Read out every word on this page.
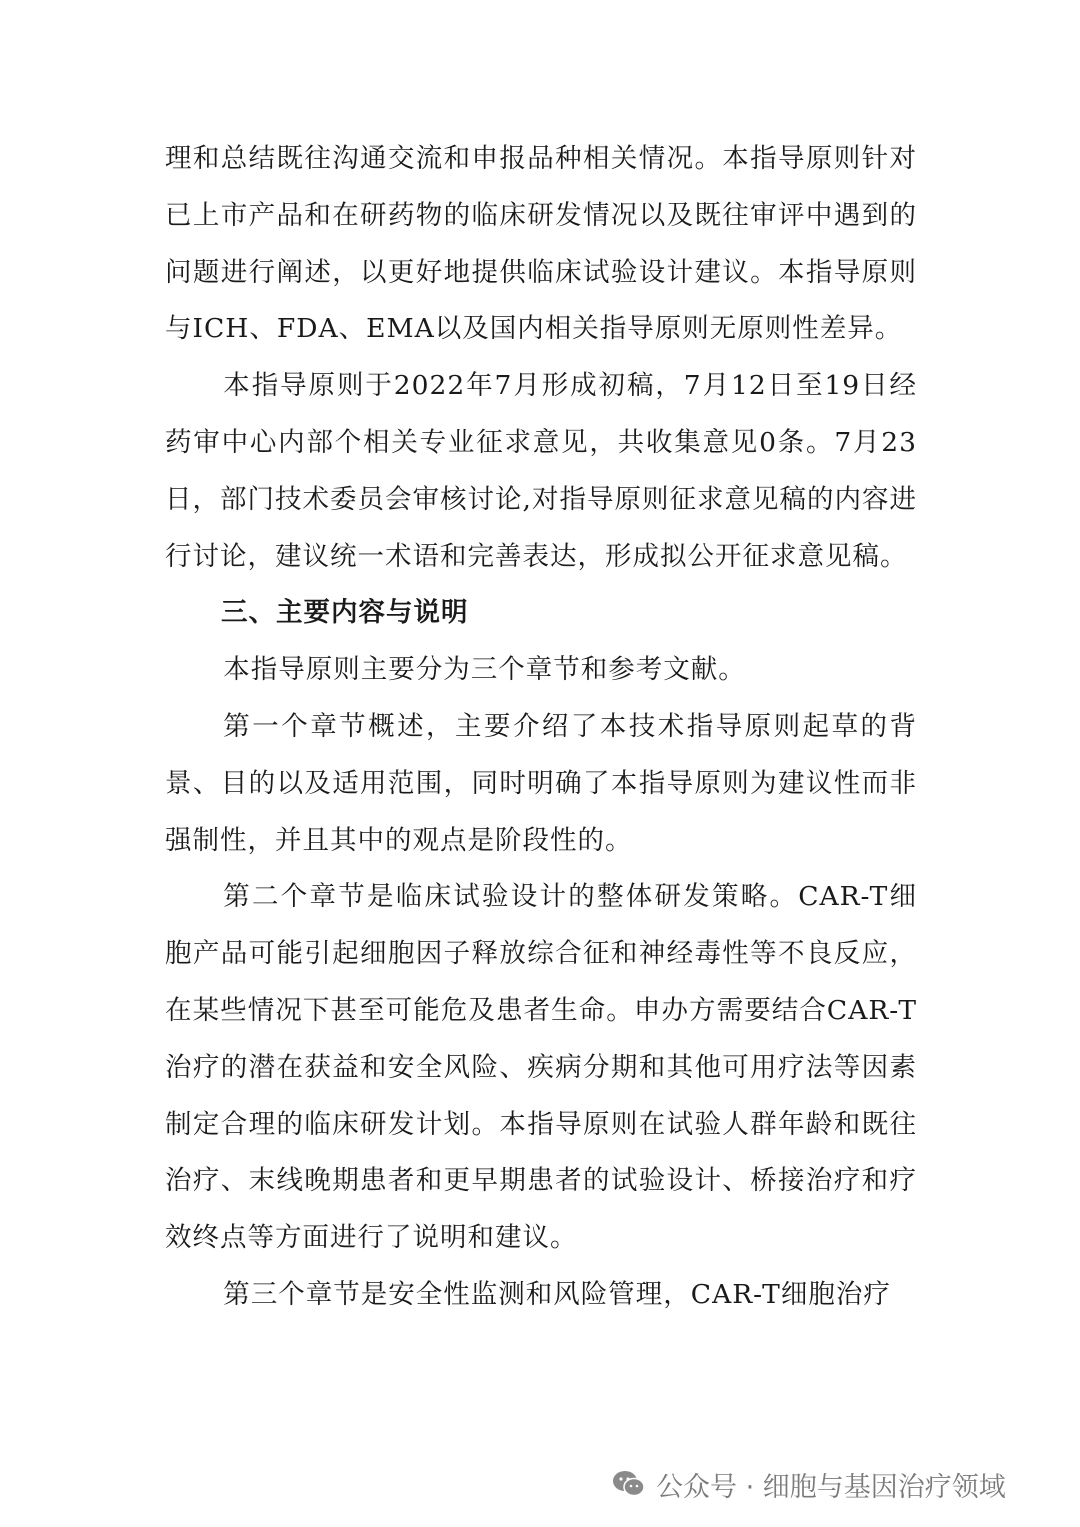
理和总结既往沟通交流和申报品种相关情况。本指导原则针对已上市产品和在研药物的临床研发情况以及既往审评中遇到的问题进行阐述，以更好地提供临床试验设计建议。本指导原则与ICH、FDA、EMA以及国内相关指导原则无原则性差异。

本指导原则于2022年7月形成初稿，7月12日至19日经药审中心内部个相关专业征求意见，共收集意见0条。7月23日，部门技术委员会审核讨论,对指导原则征求意见稿的内容进行讨论，建议统一术语和完善表达，形成拟公开征求意见稿。

三、主要内容与说明

本指导原则主要分为三个章节和参考文献。

第一个章节概述，主要介绍了本技术指导原则起草的背景、目的以及适用范围，同时明确了本指导原则为建议性而非强制性，并且其中的观点是阶段性的。

第二个章节是临床试验设计的整体研发策略。CAR-T细胞产品可能引起细胞因子释放综合征和神经毒性等不良反应，在某些情况下甚至可能危及患者生命。申办方需要结合CAR-T治疗的潜在获益和安全风险、疾病分期和其他可用疗法等因素制定合理的临床研发计划。本指导原则在试验人群年龄和既往治疗、末线晚期患者和更早期患者的试验设计、桥接治疗和疗效终点等方面进行了说明和建议。

第三个章节是安全性监测和风险管理，CAR-T细胞治疗

公众号 · 细胞与基因治疗领域
